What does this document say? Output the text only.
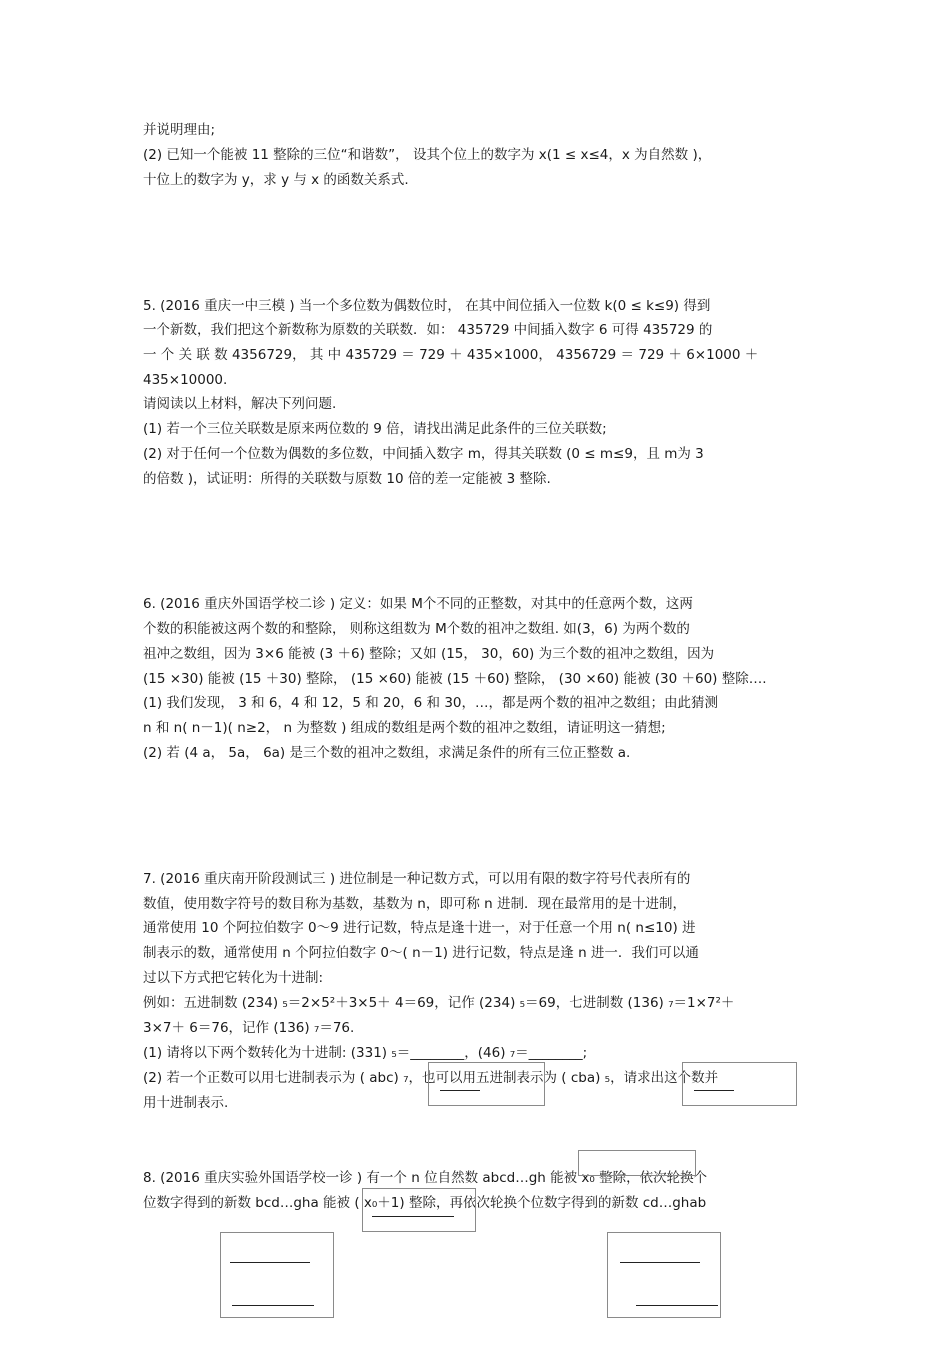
并说明理由;
(2) 已知一个能被 11 整除的三位“和谐数”， 设其个位上的数字为 x(1 ≤ x≤4，x 为自然数 )，
十位上的数字为 y，求 y 与 x 的函数关系式.
5. (2016 重庆一中三模 ) 当一个多位数为偶数位时， 在其中间位插入一位数 k(0 ≤ k≤9) 得到
一个新数，我们把这个新数称为原数的关联数．如： 435729 中间插入数字 6 可得 435729 的
一 个 关 联 数 4356729， 其 中 435729 ＝ 729 ＋ 435×1000， 4356729 ＝ 729 ＋ 6×1000 ＋
435×10000.
请阅读以上材料，解决下列问题.
(1) 若一个三位关联数是原来两位数的 9 倍，请找出满足此条件的三位关联数;
(2) 对于任何一个位数为偶数的多位数，中间插入数字 m，得其关联数 (0 ≤ m≤9，且 m为 3
的倍数 )，试证明：所得的关联数与原数 10 倍的差一定能被 3 整除.
6. (2016 重庆外国语学校二诊 ) 定义：如果 M个不同的正整数，对其中的任意两个数，这两
个数的积能被这两个数的和整除， 则称这组数为 M个数的祖冲之数组. 如(3，6) 为两个数的
祖冲之数组，因为 3×6 能被 (3 ＋6) 整除；又如 (15， 30，60) 为三个数的祖冲之数组，因为
(15 ×30) 能被 (15 ＋30) 整除， (15 ×60) 能被 (15 ＋60) 整除， (30 ×60) 能被 (30 ＋60) 整除….
(1) 我们发现， 3 和 6，4 和 12，5 和 20，6 和 30，…，都是两个数的祖冲之数组；由此猜测
n 和 n( n－1)( n≥2， n 为整数 ) 组成的数组是两个数的祖冲之数组，请证明这一猜想;
(2) 若 (4 a， 5a， 6a) 是三个数的祖冲之数组，求满足条件的所有三位正整数 a.
7. (2016 重庆南开阶段测试三 ) 进位制是一种记数方式，可以用有限的数字符号代表所有的
数值，使用数字符号的数目称为基数，基数为 n，即可称 n 进制．现在最常用的是十进制，
通常使用 10 个阿拉伯数字 0～9 进行记数，特点是逢十进一，对于任意一个用 n( n≤10) 进
制表示的数，通常使用 n 个阿拉伯数字 0～( n－1) 进行记数，特点是逢 n 进一．我们可以通
过以下方式把它转化为十进制:
例如：五进制数 (234) ₅＝2×5²＋3×5＋ 4＝69，记作 (234) ₅＝69，七进制数 (136) ₇＝1×7²＋
3×7＋ 6＝76，记作 (136) ₇＝76.
(1) 请将以下两个数转化为十进制: (331) ₅＝________，(46) ₇＝________;
(2) 若一个正数可以用七进制表示为 ( abc) ₇，也可以用五进制表示为 ( cba) ₅，请求出这个数并
用十进制表示.
8. (2016 重庆实验外国语学校一诊 ) 有一个 n 位自然数 abcd…gh 能被 x₀ 整除，依次轮换个
位数字得到的新数 bcd…gha 能被 ( x₀＋1) 整除，再依次轮换个位数字得到的新数 cd…ghab
